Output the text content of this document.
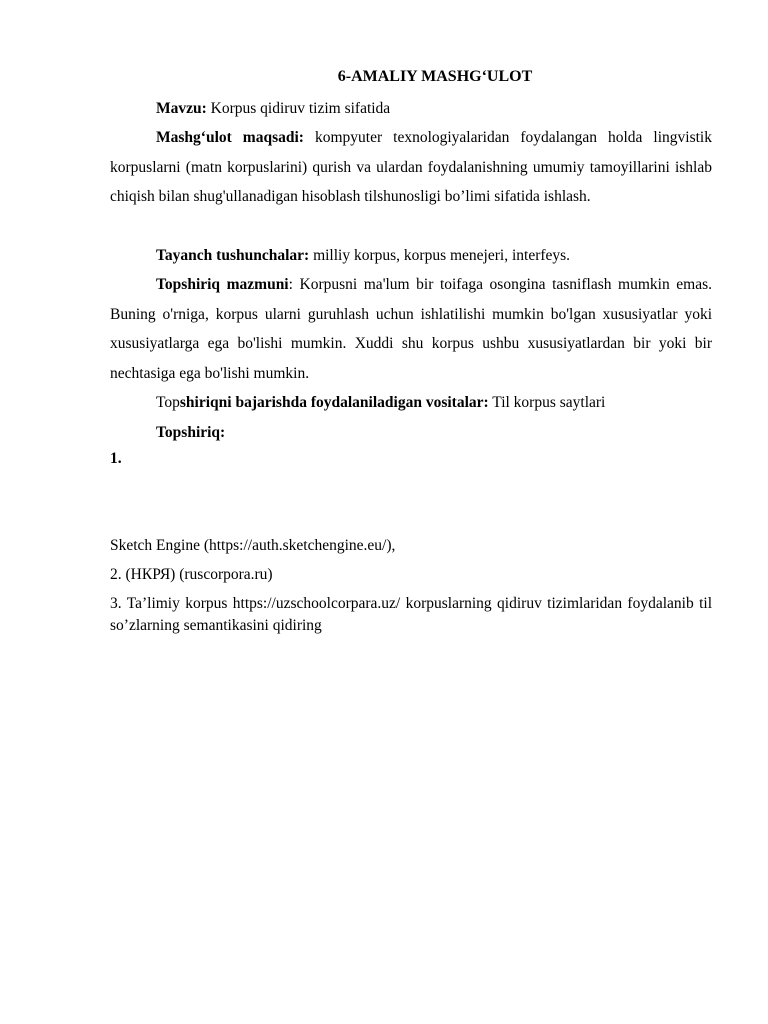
6-AMALIY MASHG‘ULOT

Mavzu: Korpus qidiruv tizim sifatida

Mashg‘ulot maqsadi: kompyuter texnologiyalaridan foydalangan holda lingvistik korpuslarni (matn korpuslarini) qurish va ulardan foydalanishning umumiy tamoyillarini ishlab chiqish bilan shug'ullanadigan hisoblash tilshunosligi bo’limi sifatida ishlash.

Tayanch tushunchalar: milliy korpus, korpus menejeri, interfeys.

Topshiriq mazmuni: Korpusni ma'lum bir toifaga osongina tasniflash mumkin emas. Buning o'rniga, korpus ularni guruhlash uchun ishlatilishi mumkin bo'lgan xususiyatlar yoki xususiyatlarga ega bo'lishi mumkin. Xuddi shu korpus ushbu xususiyatlardan bir yoki bir nechtasiga ega bo'lishi mumkin.

Topshiriqni bajarishda foydalaniladigan vositalar: Til korpus saytlari

Topshiriq:

1.

Sketch Engine (https://auth.sketchengine.eu/),

2. (НКРЯ) (ruscorpora.ru)

3. Ta’limiy korpus https://uzschoolcorpara.uz/ korpuslarning qidiruv tizimlaridan foydalanib til so’zlarning semantikasini qidiring
